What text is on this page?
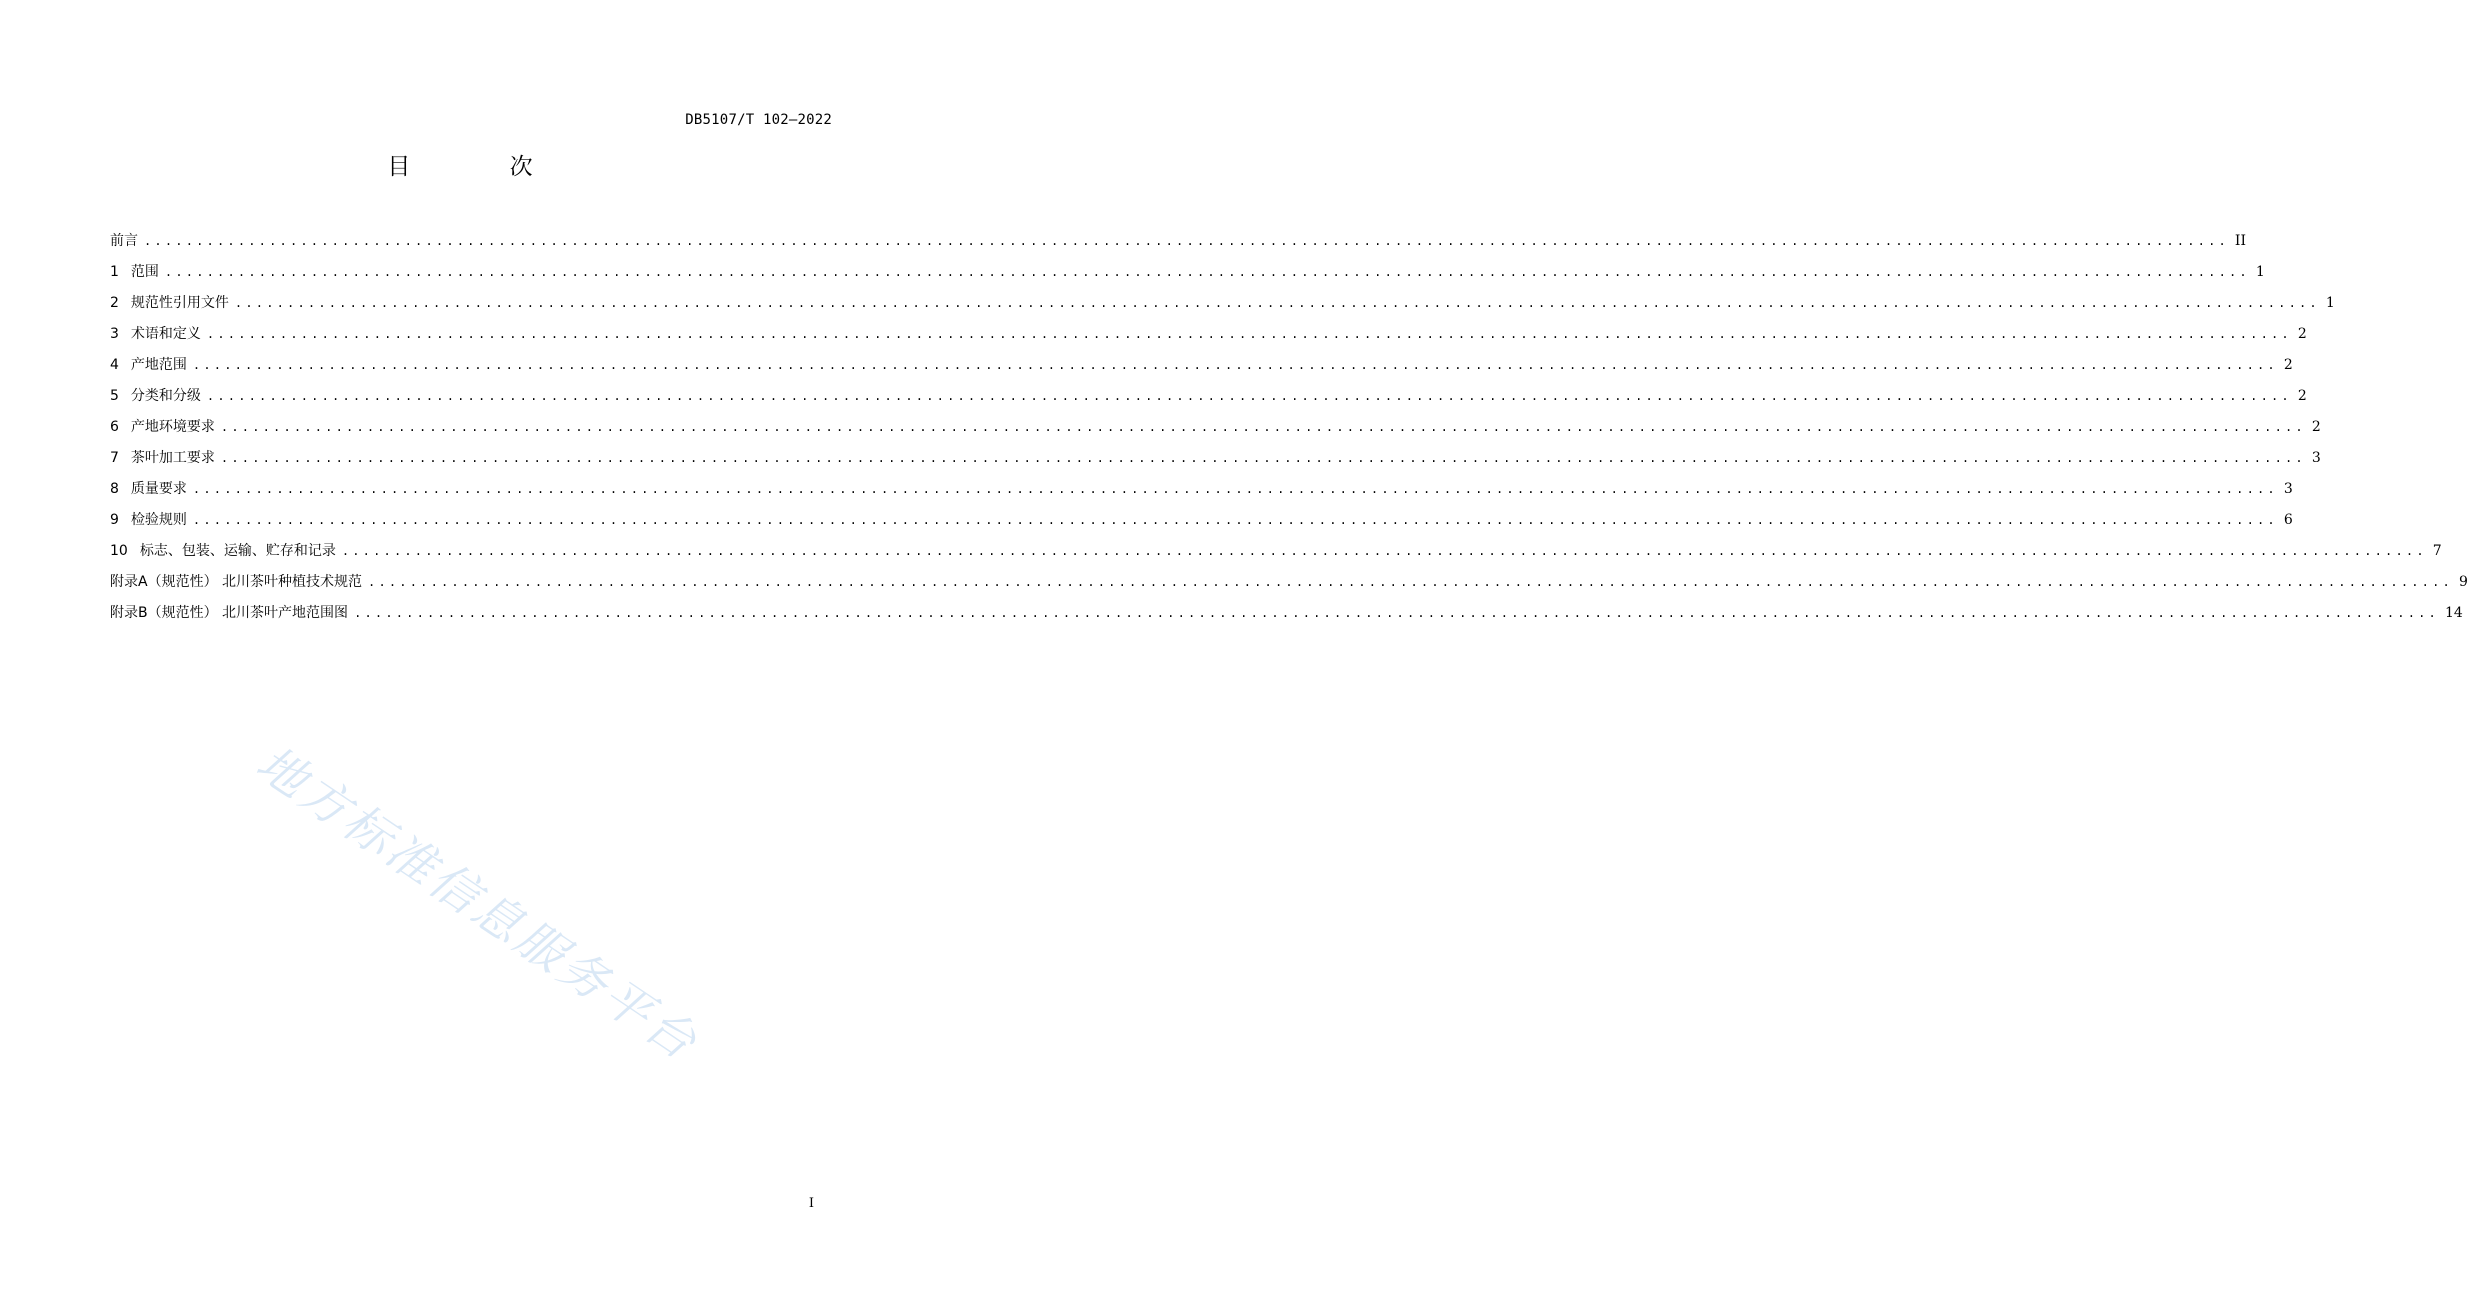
DB5107/T 102—2022
目 次
前言 ........................................................................................................................................................................................................ II
1 范围 ........................................................................................................................................................................................................ 1
2 规范性引用文件 ........................................................................................................................................................................................................ 1
3 术语和定义 ........................................................................................................................................................................................................ 2
4 产地范围 ........................................................................................................................................................................................................ 2
5 分类和分级 ........................................................................................................................................................................................................ 2
6 产地环境要求 ........................................................................................................................................................................................................ 2
7 茶叶加工要求 ........................................................................................................................................................................................................ 3
8 质量要求 ........................................................................................................................................................................................................ 3
9 检验规则 ........................................................................................................................................................................................................ 6
10 标志、包装、运输、贮存和记录 ........................................................................................................................................................................................................ 7
附录A（规范性） 北川茶叶种植技术规范 ........................................................................................................................................................................................................ 9
附录B（规范性） 北川茶叶产地范围图 ........................................................................................................................................................................................................ 14
地方标准信息服务平台
I
